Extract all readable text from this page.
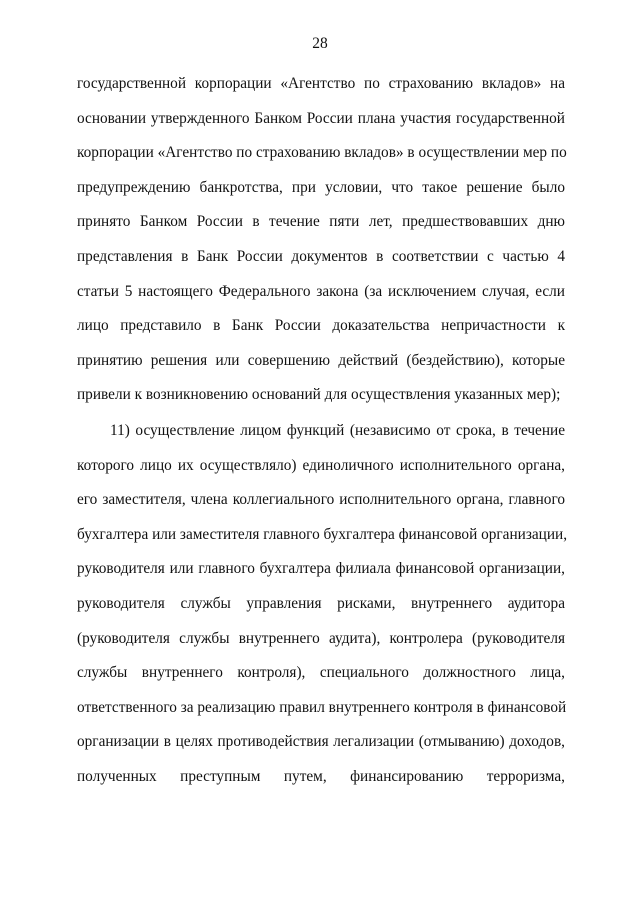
28
государственной корпорации «Агентство по страхованию вкладов» на
основании утвержденного Банком России плана участия государственной
корпорации «Агентство по страхованию вкладов» в осуществлении мер по
предупреждению банкротства, при условии, что такое решение было
принято Банком России в течение пяти лет, предшествовавших дню
представления в Банк России документов в соответствии с частью 4
статьи 5 настоящего Федерального закона (за исключением случая, если
лицо представило в Банк России доказательства непричастности к
принятию решения или совершению действий (бездействию), которые
привели к возникновению оснований для осуществления указанных мер);
11) осуществление лицом функций (независимо от срока, в течение
которого лицо их осуществляло) единоличного исполнительного органа,
его заместителя, члена коллегиального исполнительного органа, главного
бухгалтера или заместителя главного бухгалтера финансовой организации,
руководителя или главного бухгалтера филиала финансовой организации,
руководителя службы управления рисками, внутреннего аудитора
(руководителя службы внутреннего аудита), контролера (руководителя
службы внутреннего контроля), специального должностного лица,
ответственного за реализацию правил внутреннего контроля в финансовой
организации в целях противодействия легализации (отмыванию) доходов,
полученных преступным путем, финансированию терроризма,
